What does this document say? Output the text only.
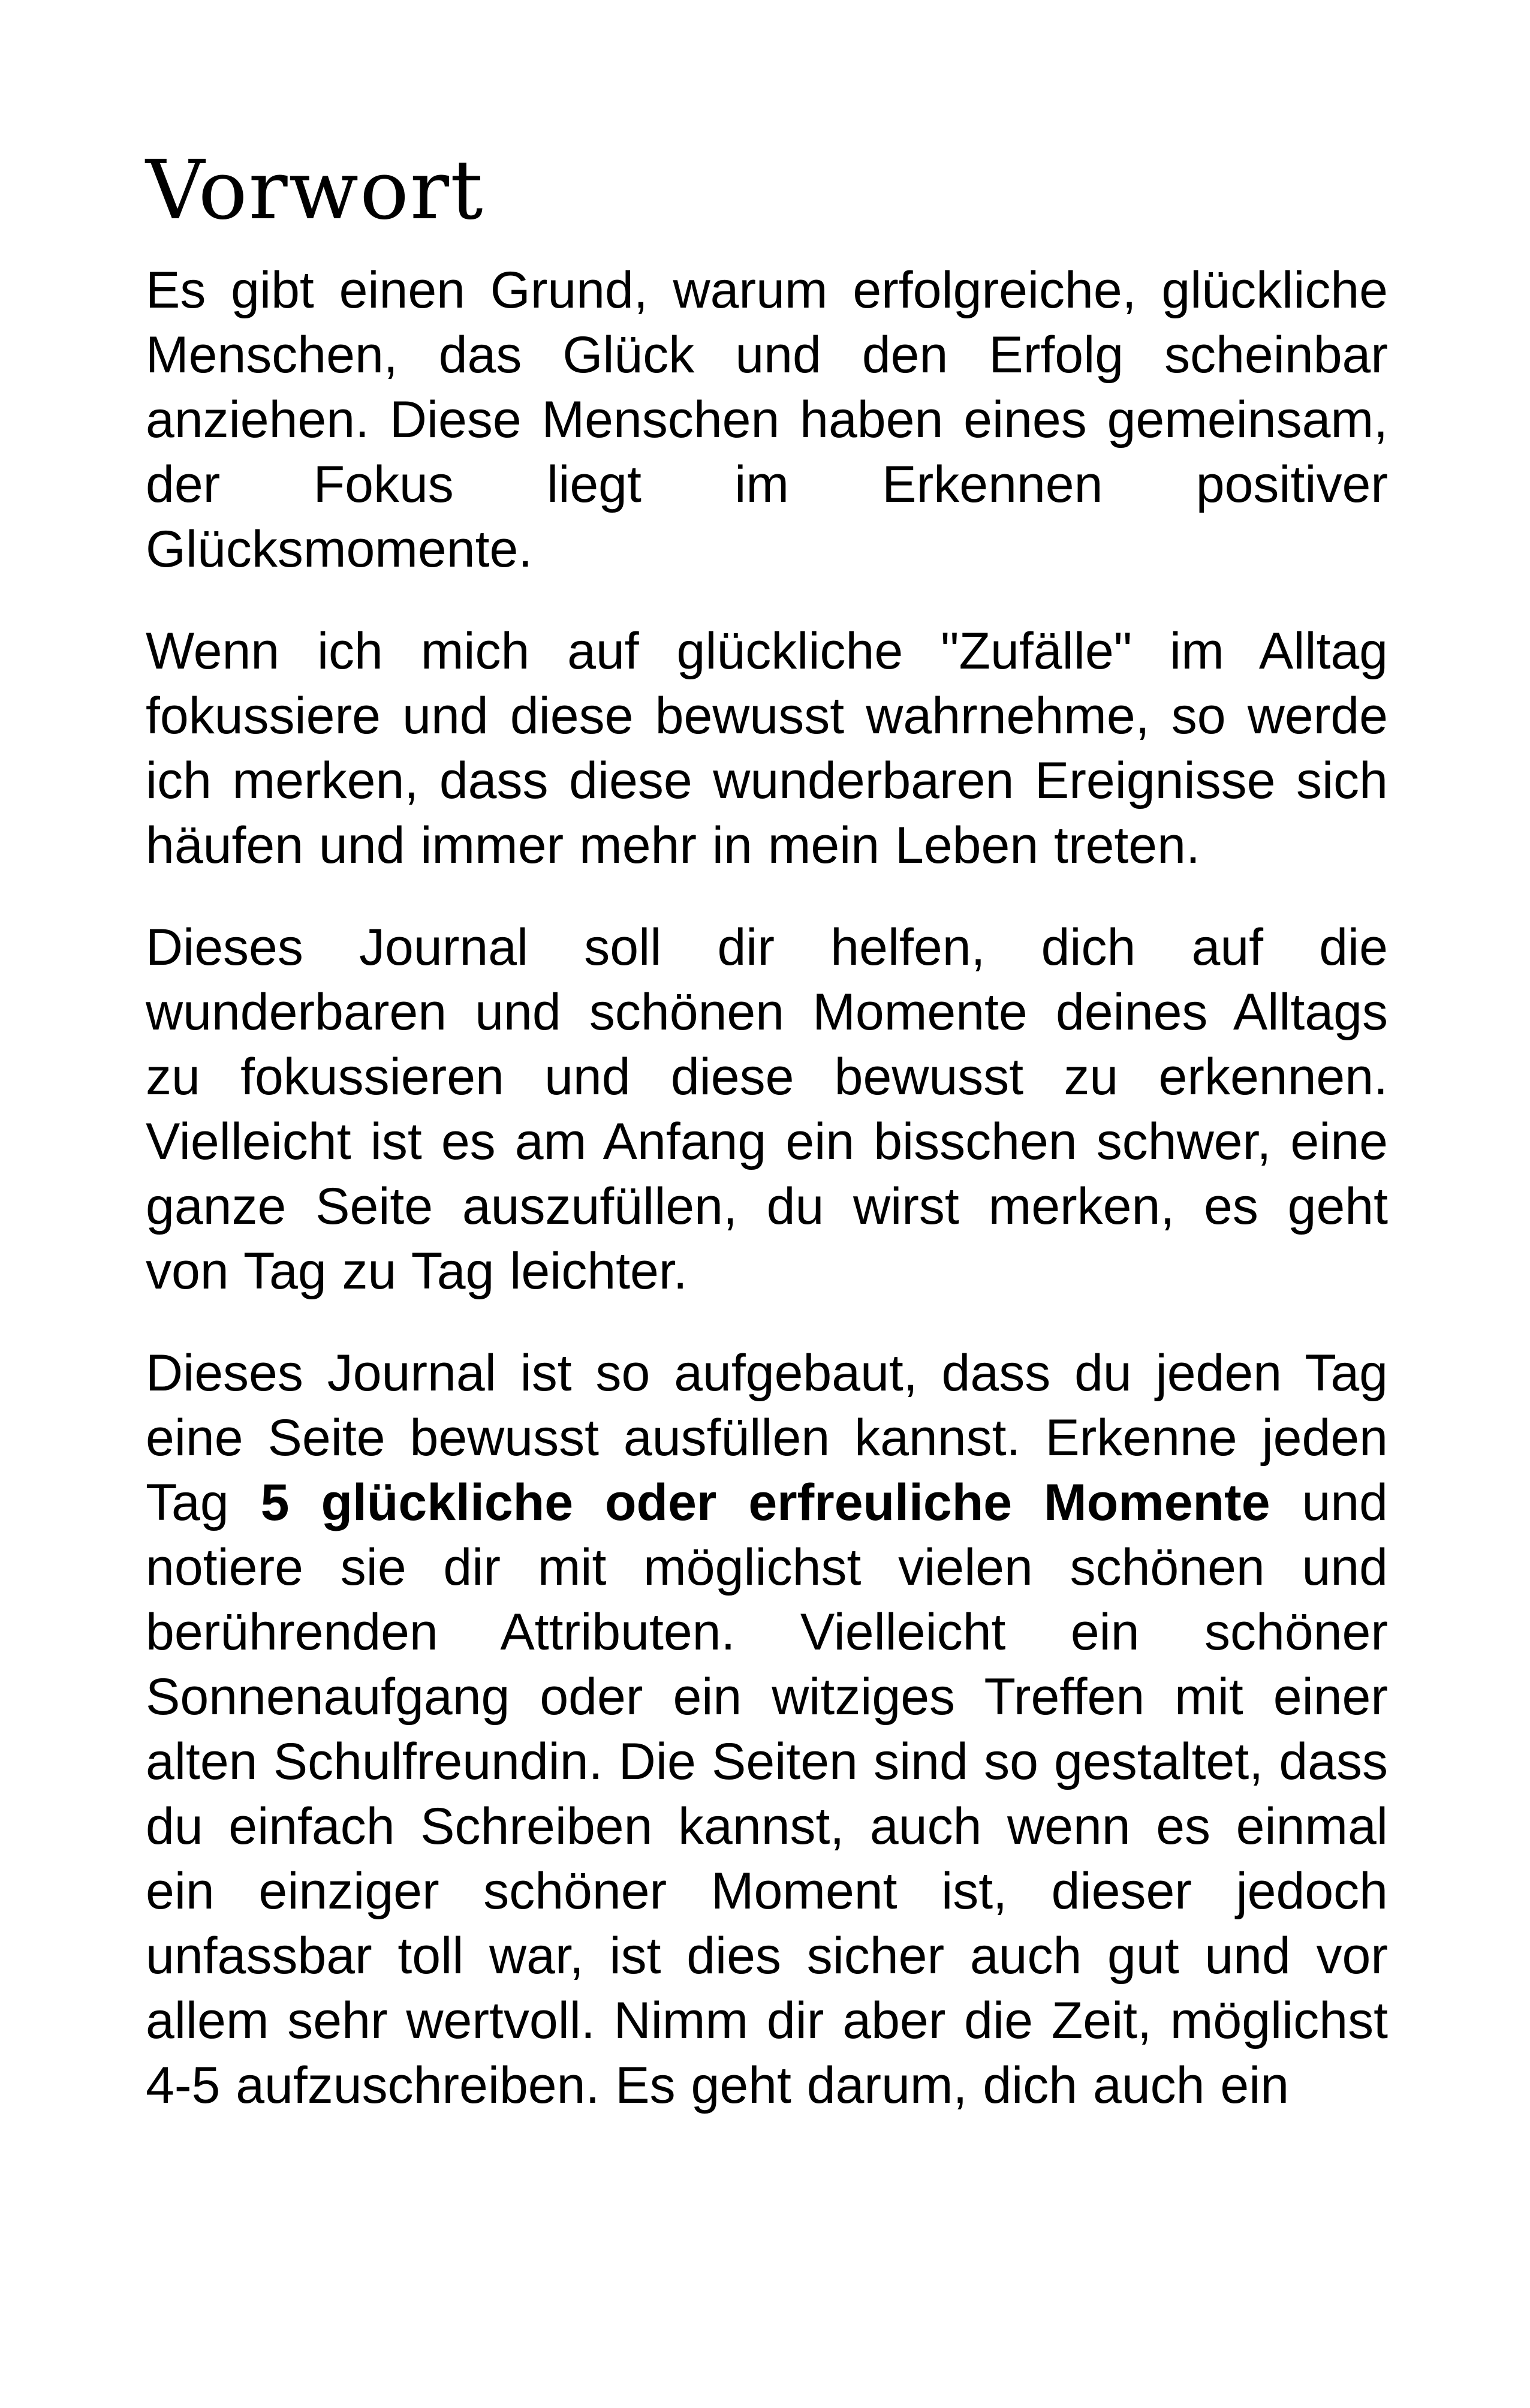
Vorwort

Es gibt einen Grund, warum erfolgreiche, glückliche Menschen, das Glück und den Erfolg scheinbar anziehen. Diese Menschen haben eines gemeinsam, der Fokus liegt im Erkennen positiver Glücksmomente.

Wenn ich mich auf glückliche "Zufälle" im Alltag fokussiere und diese bewusst wahrnehme, so werde ich merken, dass diese wunderbaren Ereignisse sich häufen und immer mehr in mein Leben treten.

Dieses Journal soll dir helfen, dich auf die wunderbaren und schönen Momente deines Alltags zu fokussieren und diese bewusst zu erkennen. Vielleicht ist es am Anfang ein bisschen schwer, eine ganze Seite auszufüllen, du wirst merken, es geht von Tag zu Tag leichter.

Dieses Journal ist so aufgebaut, dass du jeden Tag eine Seite bewusst ausfüllen kannst. Erkenne jeden Tag 5 glückliche oder erfreuliche Momente und notiere sie dir mit möglichst vielen schönen und berührenden Attributen. Vielleicht ein schöner Sonnenaufgang oder ein witziges Treffen mit einer alten Schulfreundin. Die Seiten sind so gestaltet, dass du einfach Schreiben kannst, auch wenn es einmal ein einziger schöner Moment ist, dieser jedoch unfassbar toll war, ist dies sicher auch gut und vor allem sehr wertvoll. Nimm dir aber die Zeit, möglichst 4-5 aufzuschreiben. Es geht darum, dich auch ein
